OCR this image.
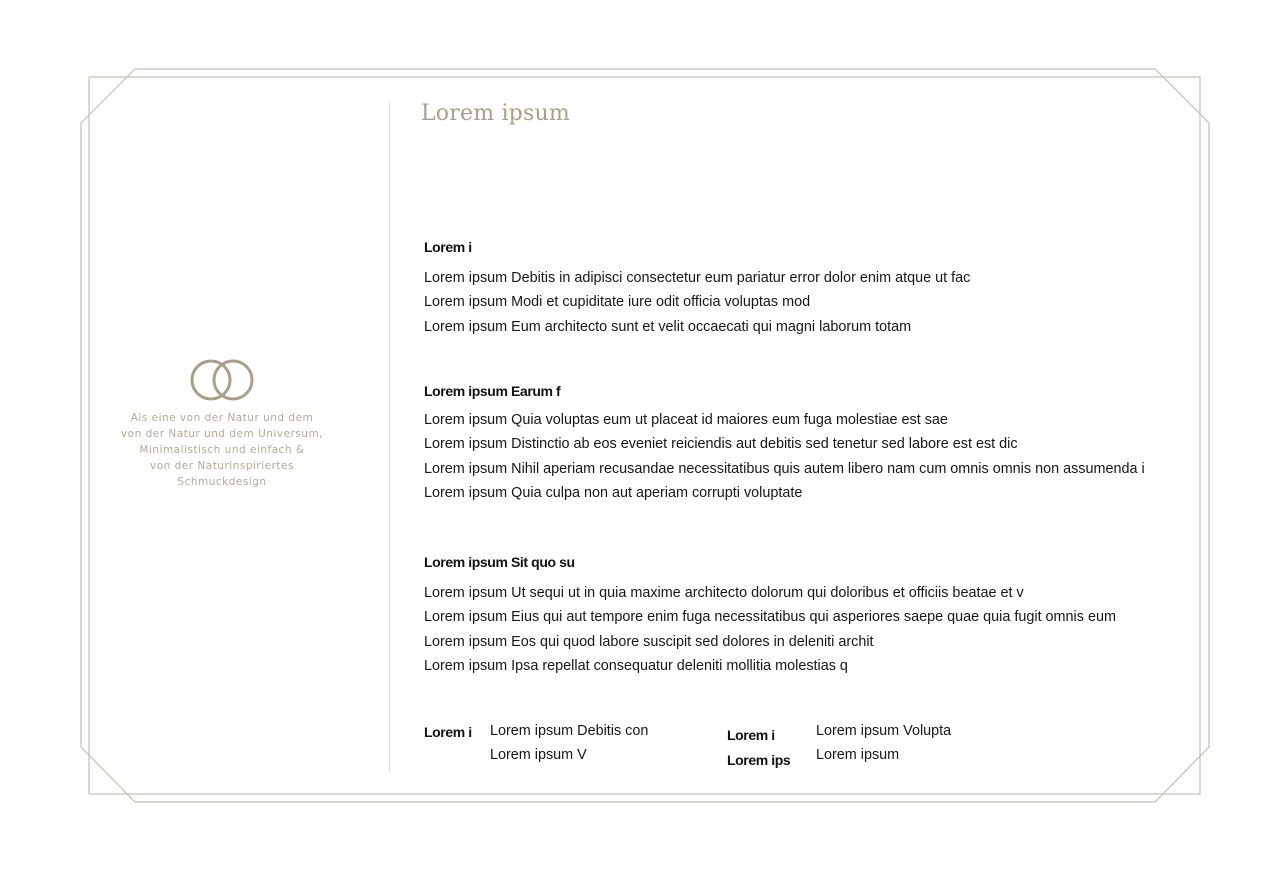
Als eine von der Natur und dem
von der Natur und dem Universum,
Minimalistisch und einfach &
von der Naturinspiriertes
Schmuckdesign
Lorem ipsum
Lorem i
Lorem ipsum Debitis in adipisci consectetur eum pariatur error dolor enim atque ut fac
Lorem ipsum Modi et cupiditate iure odit officia voluptas mod
Lorem ipsum Eum architecto sunt et velit occaecati qui magni laborum totam
Lorem ipsum Earum f
Lorem ipsum Quia voluptas eum ut placeat id maiores eum fuga molestiae est sae
Lorem ipsum Distinctio ab eos eveniet reiciendis aut debitis sed tenetur sed labore est est dic
Lorem ipsum Nihil aperiam recusandae necessitatibus quis autem libero nam cum omnis omnis non assumenda i
Lorem ipsum Quia culpa non aut aperiam corrupti voluptate
Lorem ipsum Sit quo su
Lorem ipsum Ut sequi ut in quia maxime architecto dolorum qui doloribus et officiis beatae et v
Lorem ipsum Eius qui aut tempore enim fuga necessitatibus qui asperiores saepe quae quia fugit omnis eum
Lorem ipsum Eos qui quod labore suscipit sed dolores in deleniti archit
Lorem ipsum Ipsa repellat consequatur deleniti mollitia molestias q
Lorem i Lorem ipsum Debitis con
Lorem ipsum V
Lorem i
Lorem ips
Lorem ipsum Volupta
Lorem ipsum
